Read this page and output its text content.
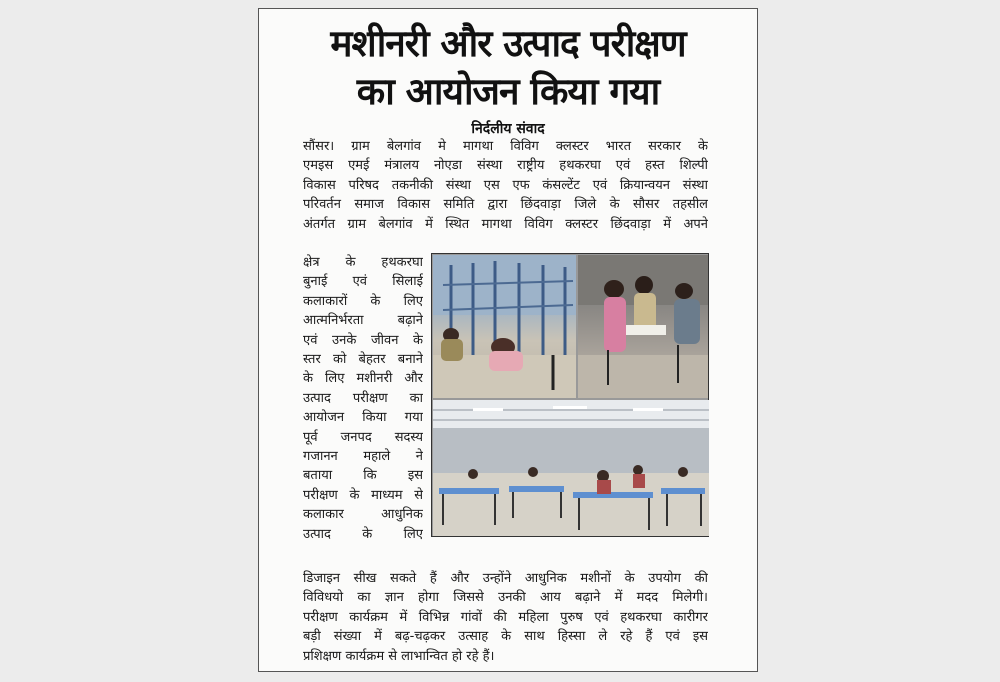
मशीनरी और उत्पाद परीक्षण
का आयोजन किया गया
निर्दलीय संवाद
सौंसर। ग्राम बेलगांव मे मागथा विविग क्लस्टर भारत सरकार के
एमइस एमई मंत्रालय नोएडा संस्था राष्ट्रीय हथकरघा एवं हस्त शिल्पी
विकास परिषद तकनीकी संस्था एस एफ कंसल्टेंट एवं क्रियान्वयन संस्था
परिवर्तन समाज विकास समिति द्वारा छिंदवाड़ा जिले के सौसर तहसील
अंतर्गत ग्राम बेलगांव में स्थित मागथा विविग क्लस्टर छिंदवाड़ा में अपने
क्षेत्र के हथकरघा
बुनाई एवं सिलाई
कलाकारों के लिए
आत्मनिर्भरता बढ़ाने
एवं उनके जीवन के
स्तर को बेहतर बनाने
के लिए मशीनरी और
उत्पाद परीक्षण का
आयोजन किया गया
पूर्व जनपद सदस्य
गजानन महाले ने
बताया कि इस
परीक्षण के माध्यम से
कलाकार आधुनिक
उत्पाद के लिए
डिजाइन सीख सकते हैं और उन्होंने आधुनिक मशीनों के उपयोग की
विविधयो का ज्ञान होगा जिससे उनकी आय बढ़ाने में मदद मिलेगी।
परीक्षण कार्यक्रम में विभिन्न गांवों की महिला पुरुष एवं हथकरघा कारीगर
बड़ी संख्या में बढ़-चढ़कर उत्साह के साथ हिस्सा ले रहे हैं एवं इस
प्रशिक्षण कार्यक्रम से लाभान्वित हो रहे हैं।
